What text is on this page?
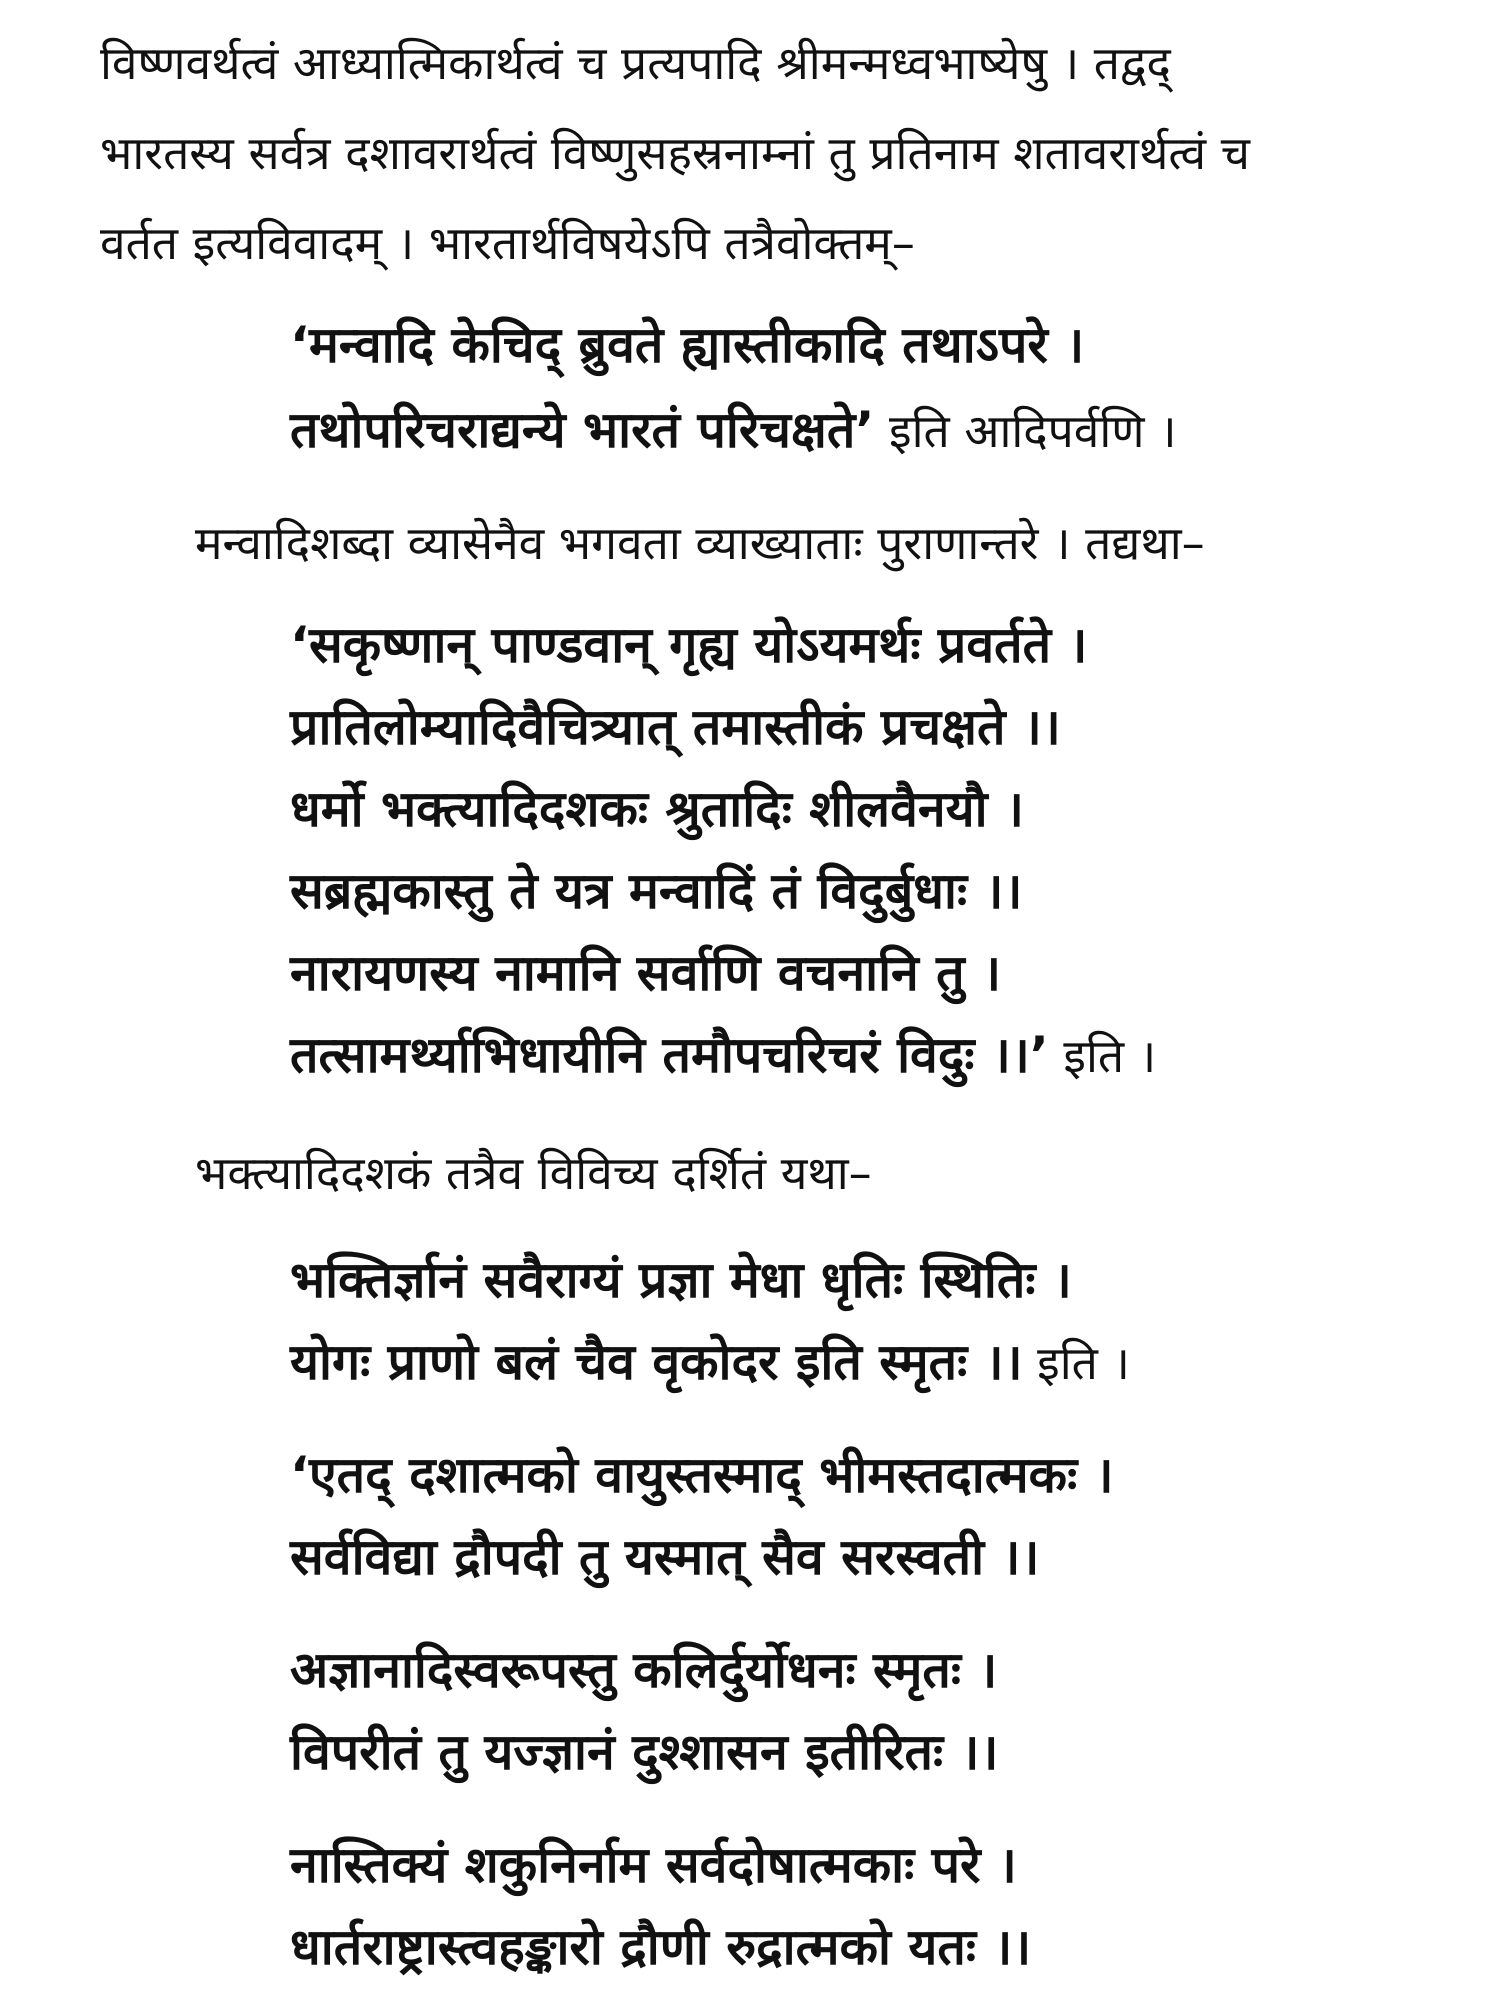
विष्णवर्थत्वं आध्यात्मिकार्थत्वं च प्रत्यपादि श्रीमन्मध्वभाष्येषु । तद्वद्
भारतस्य सर्वत्र दशावरार्थत्वं विष्णुसहस्रनाम्नां तु प्रतिनाम शतावरार्थत्वं च
वर्तत इत्यविवादम् । भारतार्थविषयेऽपि तत्रैवोक्तम्–
‘मन्वादि केचिद् ब्रुवते ह्यास्तीकादि तथाऽपरे ।
तथोपरिचराद्यन्ये भारतं परिचक्षते’ इति आदिपर्वणि ।
मन्वादिशब्दा व्यासेनैव भगवता व्याख्याताः पुराणान्तरे । तद्यथा–
‘सकृष्णान् पाण्डवान् गृह्य योऽयमर्थः प्रवर्तते ।
प्रातिलोम्यादिवैचित्र्यात् तमास्तीकं प्रचक्षते ।।
धर्मो भक्त्यादिदशकः श्रुतादिः शीलवैनयौ ।
सब्रह्मकास्तु ते यत्र मन्वादिं तं विदुर्बुधाः ।।
नारायणस्य नामानि सर्वाणि वचनानि तु ।
तत्सामर्थ्याभिधायीनि तमौपचरिचरं विदुः ।।’ इति ।
भक्त्यादिदशकं तत्रैव विविच्य दर्शितं यथा–
भक्तिर्ज्ञानं सवैराग्यं प्रज्ञा मेधा धृतिः स्थितिः ।
योगः प्राणो बलं चैव वृकोदर इति स्मृतः ।। इति ।
‘एतद् दशात्मको वायुस्तस्माद् भीमस्तदात्मकः ।
सर्वविद्या द्रौपदी तु यस्मात् सैव सरस्वती ।।
अज्ञानादिस्वरूपस्तु कलिर्दुर्योधनः स्मृतः ।
विपरीतं तु यज्ज्ञानं दुश्शासन इतीरितः ।।
नास्तिक्यं शकुनिर्नाम सर्वदोषात्मकाः परे ।
धार्तराष्ट्रास्त्वहङ्कारो द्रौणी रुद्रात्मको यतः ।।
